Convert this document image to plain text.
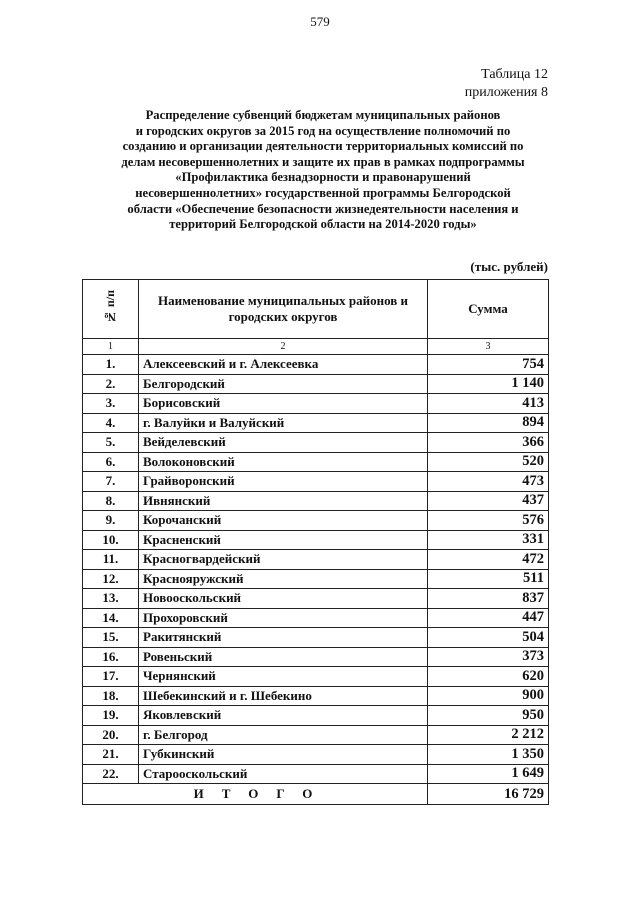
579
Таблица 12
приложения 8
Распределение субвенций бюджетам муниципальных районов
и городских округов за 2015 год на осуществление полномочий по
созданию и организации деятельности территориальных комиссий по
делам несовершеннолетних и защите их прав в рамках подпрограммы
«Профилактика безнадзорности и правонарушений
несовершеннолетних» государственной программы Белгородской
области «Обеспечение безопасности жизнедеятельности населения и
территорий Белгородской области на 2014-2020 годы»
(тыс. рублей)
№ п/п	Наименование муниципальных районов и городских округов	Сумма
1	2	3
1.	Алексеевский и г. Алексеевка	754
2.	Белгородский	1 140
3.	Борисовский	413
4.	г. Валуйки и Валуйский	894
5.	Вейделевский	366
6.	Волоконовский	520
7.	Грайворонский	473
8.	Ивнянский	437
9.	Корочанский	576
10.	Красненский	331
11.	Красногвардейский	472
12.	Краснояружский	511
13.	Новооскольский	837
14.	Прохоровский	447
15.	Ракитянский	504
16.	Ровеньский	373
17.	Чернянский	620
18.	Шебекинский и г. Шебекино	900
19.	Яковлевский	950
20.	г. Белгород	2 212
21.	Губкинский	1 350
22.	Старооскольский	1 649
ИТОГО		16 729
